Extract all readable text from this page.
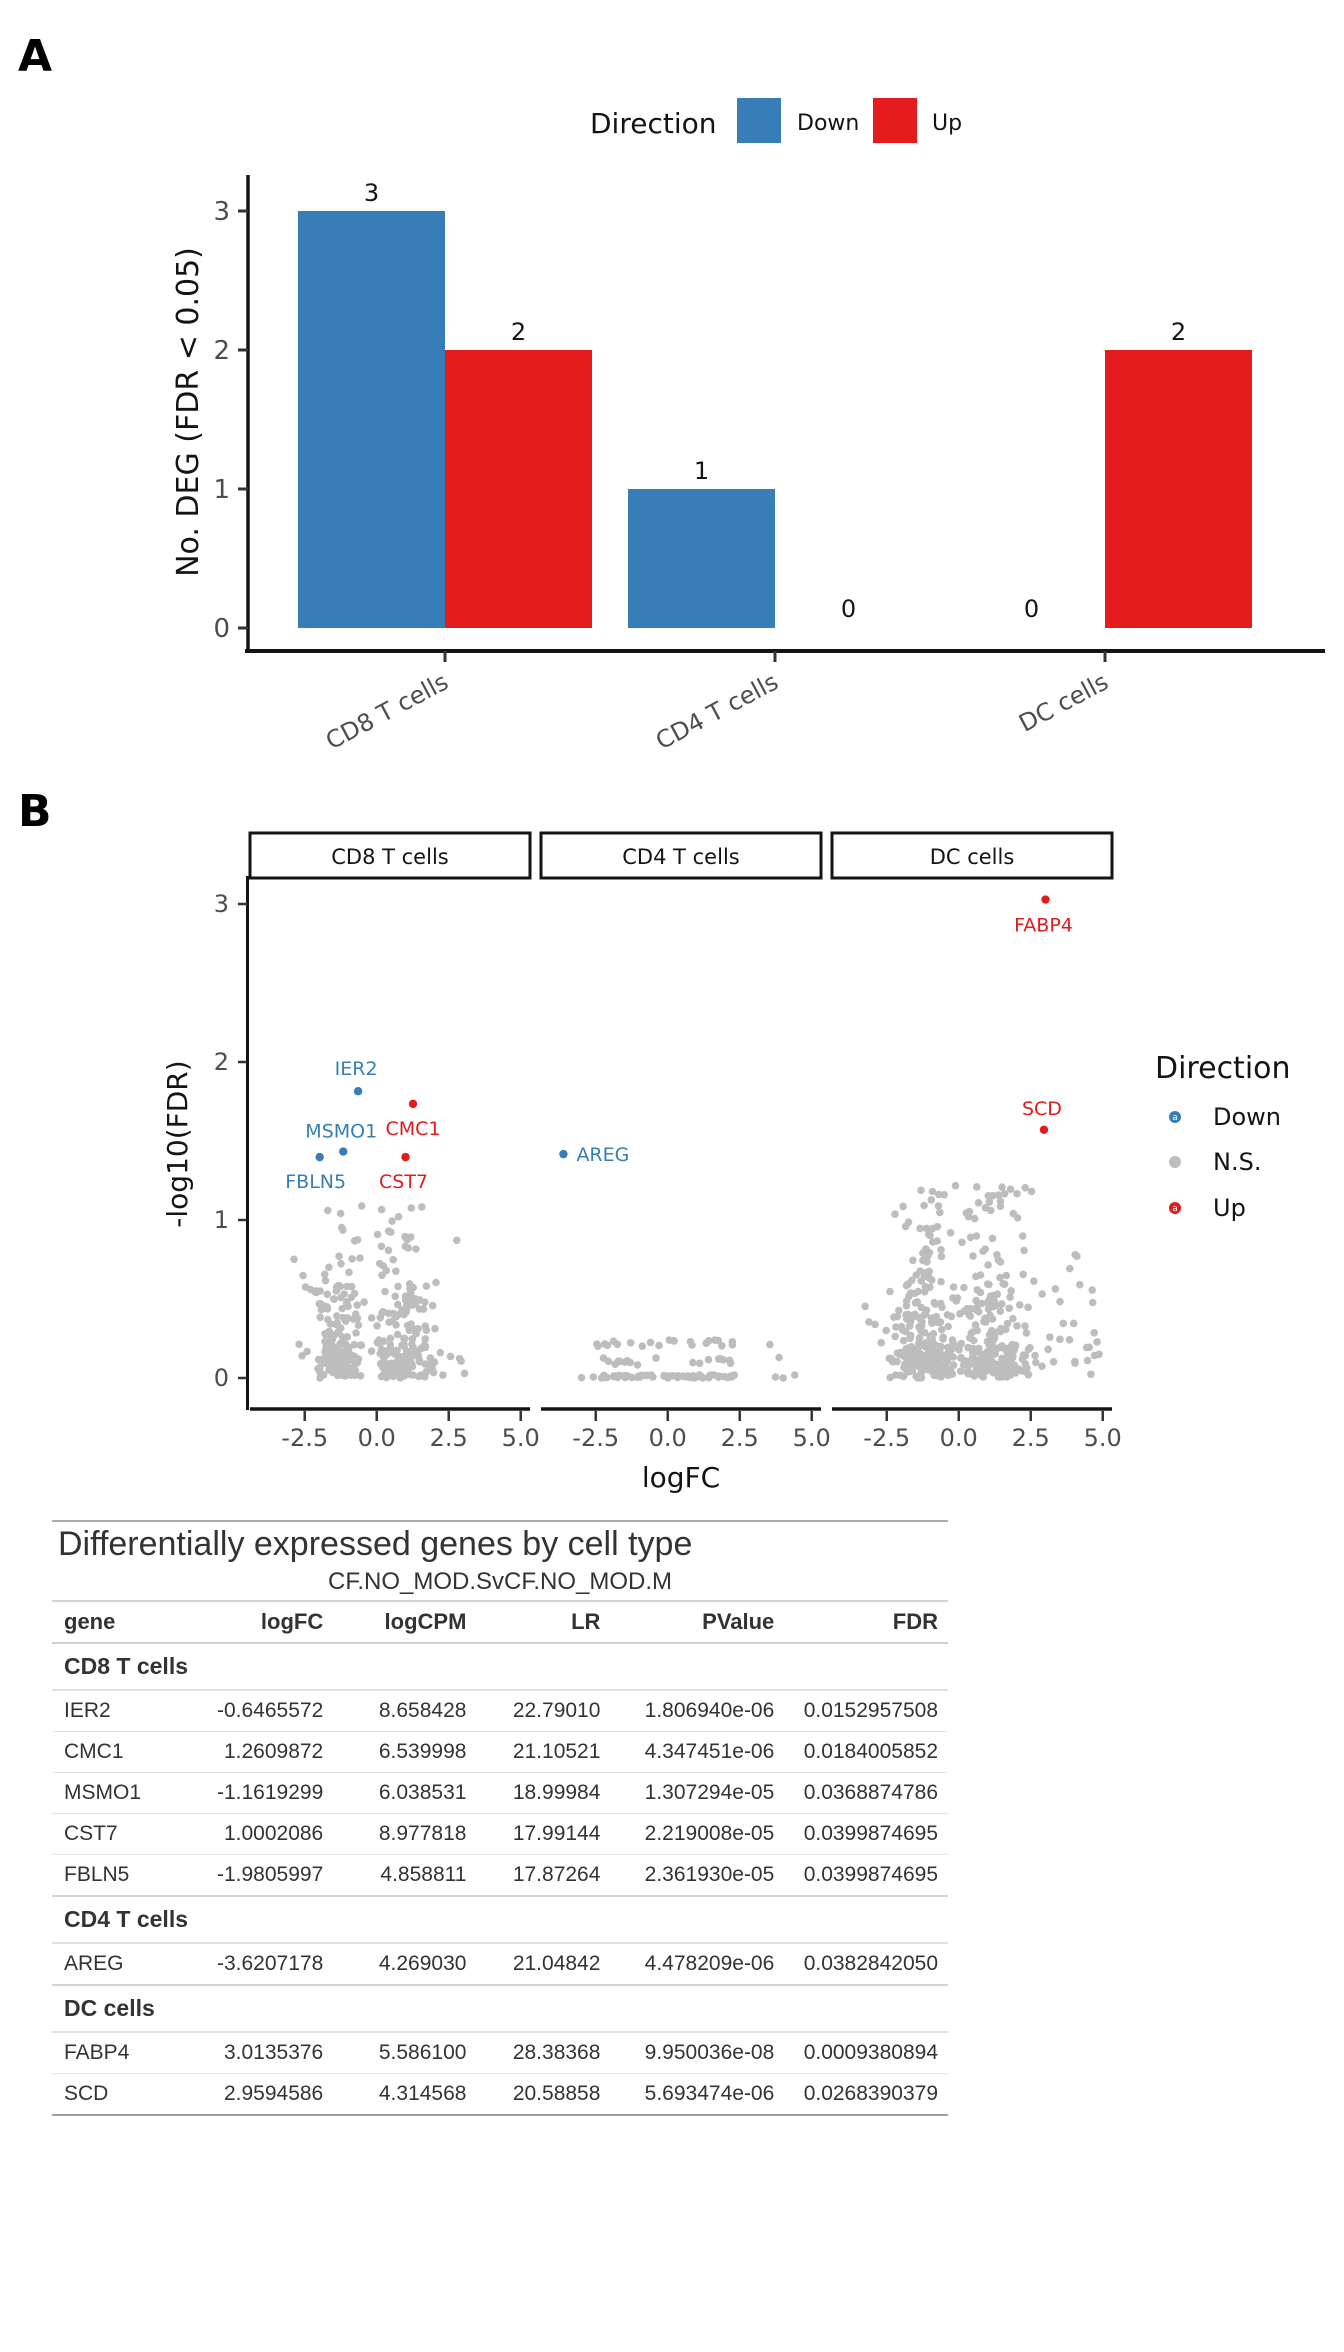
A
Direction	Down	Up
No. DEG (FDR < 0.05)
0
1
2
3
CD8 T cells
3
2
CD4 T cells
1
0
DC cells
0
2
B
-log10(FDR)
logFC
CD8 T cells	CD4 T cells	DC cells
0
1
2
3
-2.5 0.0 2.5 5.0 -2.5 0.0 2.5 5.0 -2.5 0.0 2.5 5.0
IER2
CMC1
MSMO1
CST7
FBLN5
AREG
FABP4
SCD
Direction
a Down
N.S.
a Up
Differentially expressed genes by cell type
CF.NO_MOD.SvCF.NO_MOD.M
gene	logFC	logCPM	LR	PValue	FDR
CD8 T cells					
IER2	-0.6465572	8.658428	22.79010	1.806940e-06	0.0152957508
CMC1	1.2609872	6.539998	21.10521	4.347451e-06	0.0184005852
MSMO1	-1.1619299	6.038531	18.99984	1.307294e-05	0.0368874786
CST7	1.0002086	8.977818	17.99144	2.219008e-05	0.0399874695
FBLN5	-1.9805997	4.858811	17.87264	2.361930e-05	0.0399874695
CD4 T cells					
AREG	-3.6207178	4.269030	21.04842	4.478209e-06	0.0382842050
DC cells					
FABP4	3.0135376	5.586100	28.38368	9.950036e-08	0.0009380894
SCD	2.9594586	4.314568	20.58858	5.693474e-06	0.0268390379
